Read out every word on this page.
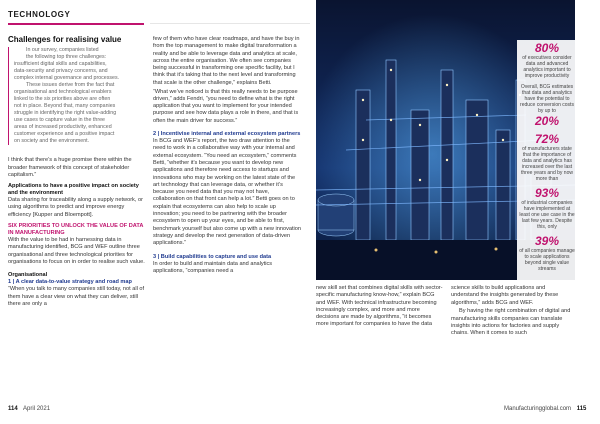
TECHNOLOGY
Challenges for realising value

In our survey, companies listed

the following top three challenges:

insufficient digital skills and capabilities,

data-security and privacy concerns, and

complex internal governance and processes.

These issues derive from the fact that

organisational and technological enablers

linked to the six priorities above are often

not in place. Beyond that, many companies

struggle in identifying the right value-adding

use cases to capture value in the three

areas of increased productivity, enhanced

customer experience and a positive impact

on society and the environment.

I think that there’s a huge promise there within the broader framework of this concept of stakeholder capitalism.”

Applications to have a positive impact on society and the environment

Data sharing for traceability along a supply network, or using algorithms to predict and improve energy efficiency [Kupper and Bloempott].

SIX PRIORITIES TO UNLOCK THE VALUE OF DATA IN MANUFACTURING

With the value to be had in harnessing data in manufacturing identified, BCG and WEF outline three organisational and three technological priorities for organisations to focus on in order to realise such value.

Organisational
1 | A clear data-to-value strategy and road map

“When you talk to many companies still today, not all of them have a clear view on what they can deliver, still there are only a

few of them who have clear roadmaps, and have the buy in from the top management to make digital transformation a reality and be able to leverage data and analytics at scale, across the entire organisation. We often see companies being successful in transforming one specific facility, but I think that it’s taking that to the next level and transforming that scale is the other challenge,” explains Betti.

“What we’ve noticed is that this really needs to be purpose driven,” adds Fendri, “you need to define what is the right application that you want to implement for your intended purpose and see how data plays a role in there, and that is often the main driver for success.”

2 | Incentivise internal and external ecosystem partners

In BCG and WEF’s report, the two draw attention to the need to work in a collaborative way with your internal and external ecosystem. “You need an ecosystem,” comments Betti, “whether it’s because you want to develop new applications and therefore need access to startups and innovations who may be working on the latest state of the art technology that can leverage data, or whether it’s because you need data that you may not have, collaboration on that front can help a lot.” Betti goes on to explain that ecosystems can also help to scale up innovation; you need to be partnering with the broader ecosystem to open up your eyes, and be able to first, benchmark yourself but also come up with a new innovation strategy and develop the next generation of data-driven applications.”

3 | Build capabilities to capture and use data

In order to build and maintain data and analytics applications, “companies need a

80%
of executives consider data and advanced analytics important to improve productivity
Overall, BCG estimates that data and analytics have the potential to reduce conversion costs by up to
20%
72%
of manufacturers state that the importance of data and analytics has increased over the last three years and by now more than
93%
of industrial companies have implemented at least one use case in the last few years. Despite this, only
39%
of all companies manage to scale applications beyond single value streams

new skill set that combines digital skills with sector-specific manufacturing know-how,” explain BCG and WEF. With technical infrastructure becoming increasingly complex, and more and more decisions are made by algorithms, “it becomes more important for companies to have the data

science skills to build applications and understand the insights generated by these algorithms,” adds BCG and WEF.

By having the right combination of digital and manufacturing skills companies can translate insights into actions for factories and supply chains. When it comes to such

114 April 2021	Manufacturingglobal.com 115
